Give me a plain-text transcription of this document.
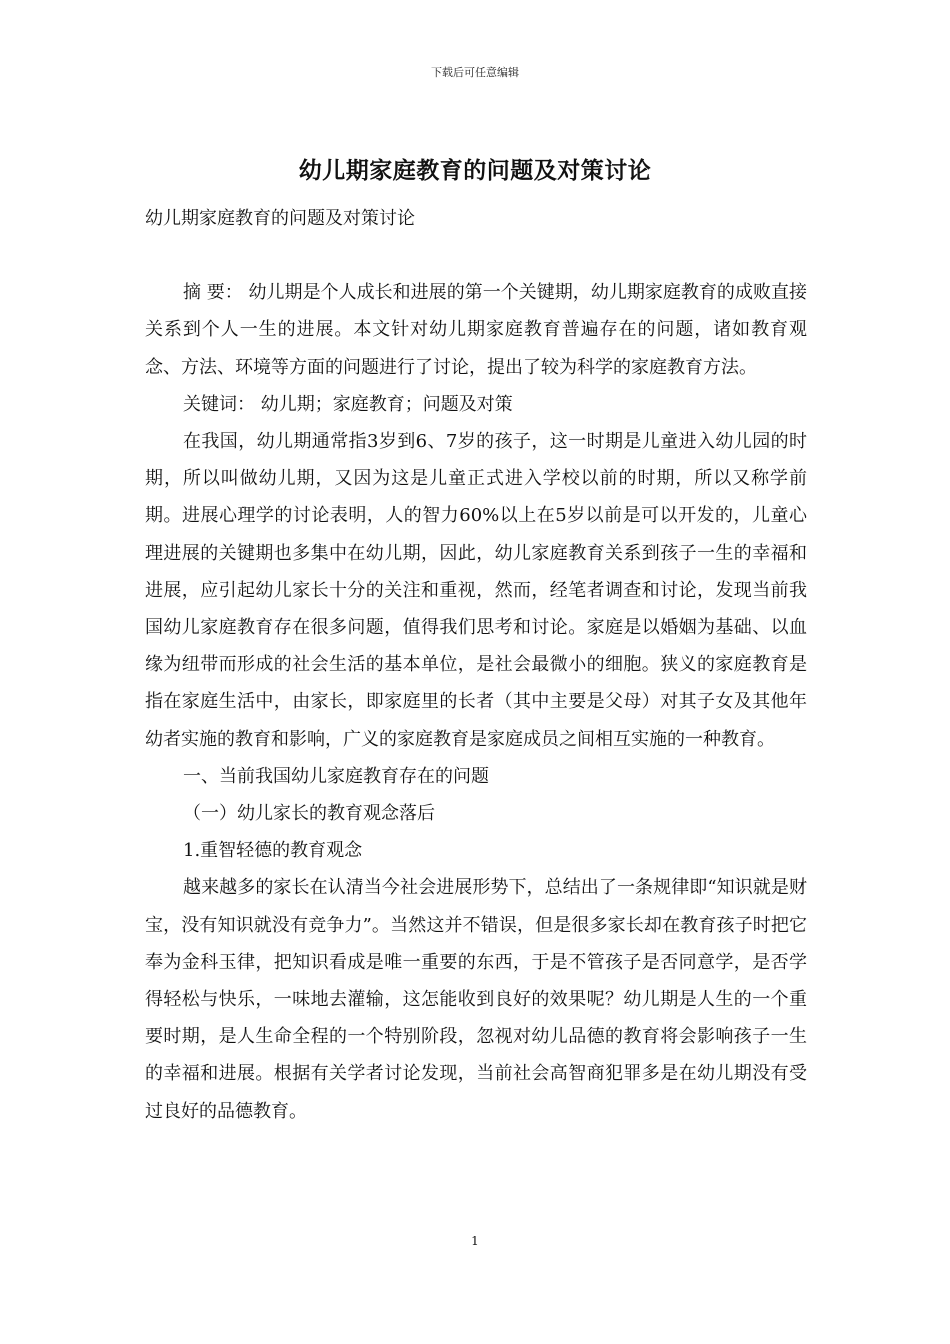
下载后可任意编辑
幼儿期家庭教育的问题及对策讨论

幼儿期家庭教育的问题及对策讨论

摘 要： 幼儿期是个人成长和进展的第一个关键期，幼儿期家庭教育的成败直接关系到个人一生的进展。本文针对幼儿期家庭教育普遍存在的问题，诸如教育观念、方法、环境等方面的问题进行了讨论，提出了较为科学的家庭教育方法。

关键词： 幼儿期；家庭教育；问题及对策

在我国，幼儿期通常指3岁到6、7岁的孩子，这一时期是儿童进入幼儿园的时期，所以叫做幼儿期，又因为这是儿童正式进入学校以前的时期，所以又称学前期。进展心理学的讨论表明，人的智力60%以上在5岁以前是可以开发的，儿童心理进展的关键期也多集中在幼儿期，因此，幼儿家庭教育关系到孩子一生的幸福和进展，应引起幼儿家长十分的关注和重视，然而，经笔者调查和讨论，发现当前我国幼儿家庭教育存在很多问题，值得我们思考和讨论。家庭是以婚姻为基础、以血缘为纽带而形成的社会生活的基本单位，是社会最微小的细胞。狭义的家庭教育是指在家庭生活中，由家长，即家庭里的长者（其中主要是父母）对其子女及其他年幼者实施的教育和影响，广义的家庭教育是家庭成员之间相互实施的一种教育。

一、当前我国幼儿家庭教育存在的问题

（一）幼儿家长的教育观念落后

1.重智轻德的教育观念

越来越多的家长在认清当今社会进展形势下，总结出了一条规律即“知识就是财宝，没有知识就没有竞争力”。当然这并不错误，但是很多家长却在教育孩子时把它奉为金科玉律，把知识看成是唯一重要的东西，于是不管孩子是否同意学，是否学得轻松与快乐，一味地去灌输，这怎能收到良好的效果呢？幼儿期是人生的一个重要时期，是人生命全程的一个特别阶段，忽视对幼儿品德的教育将会影响孩子一生的幸福和进展。根据有关学者讨论发现，当前社会高智商犯罪多是在幼儿期没有受过良好的品德教育。

1
